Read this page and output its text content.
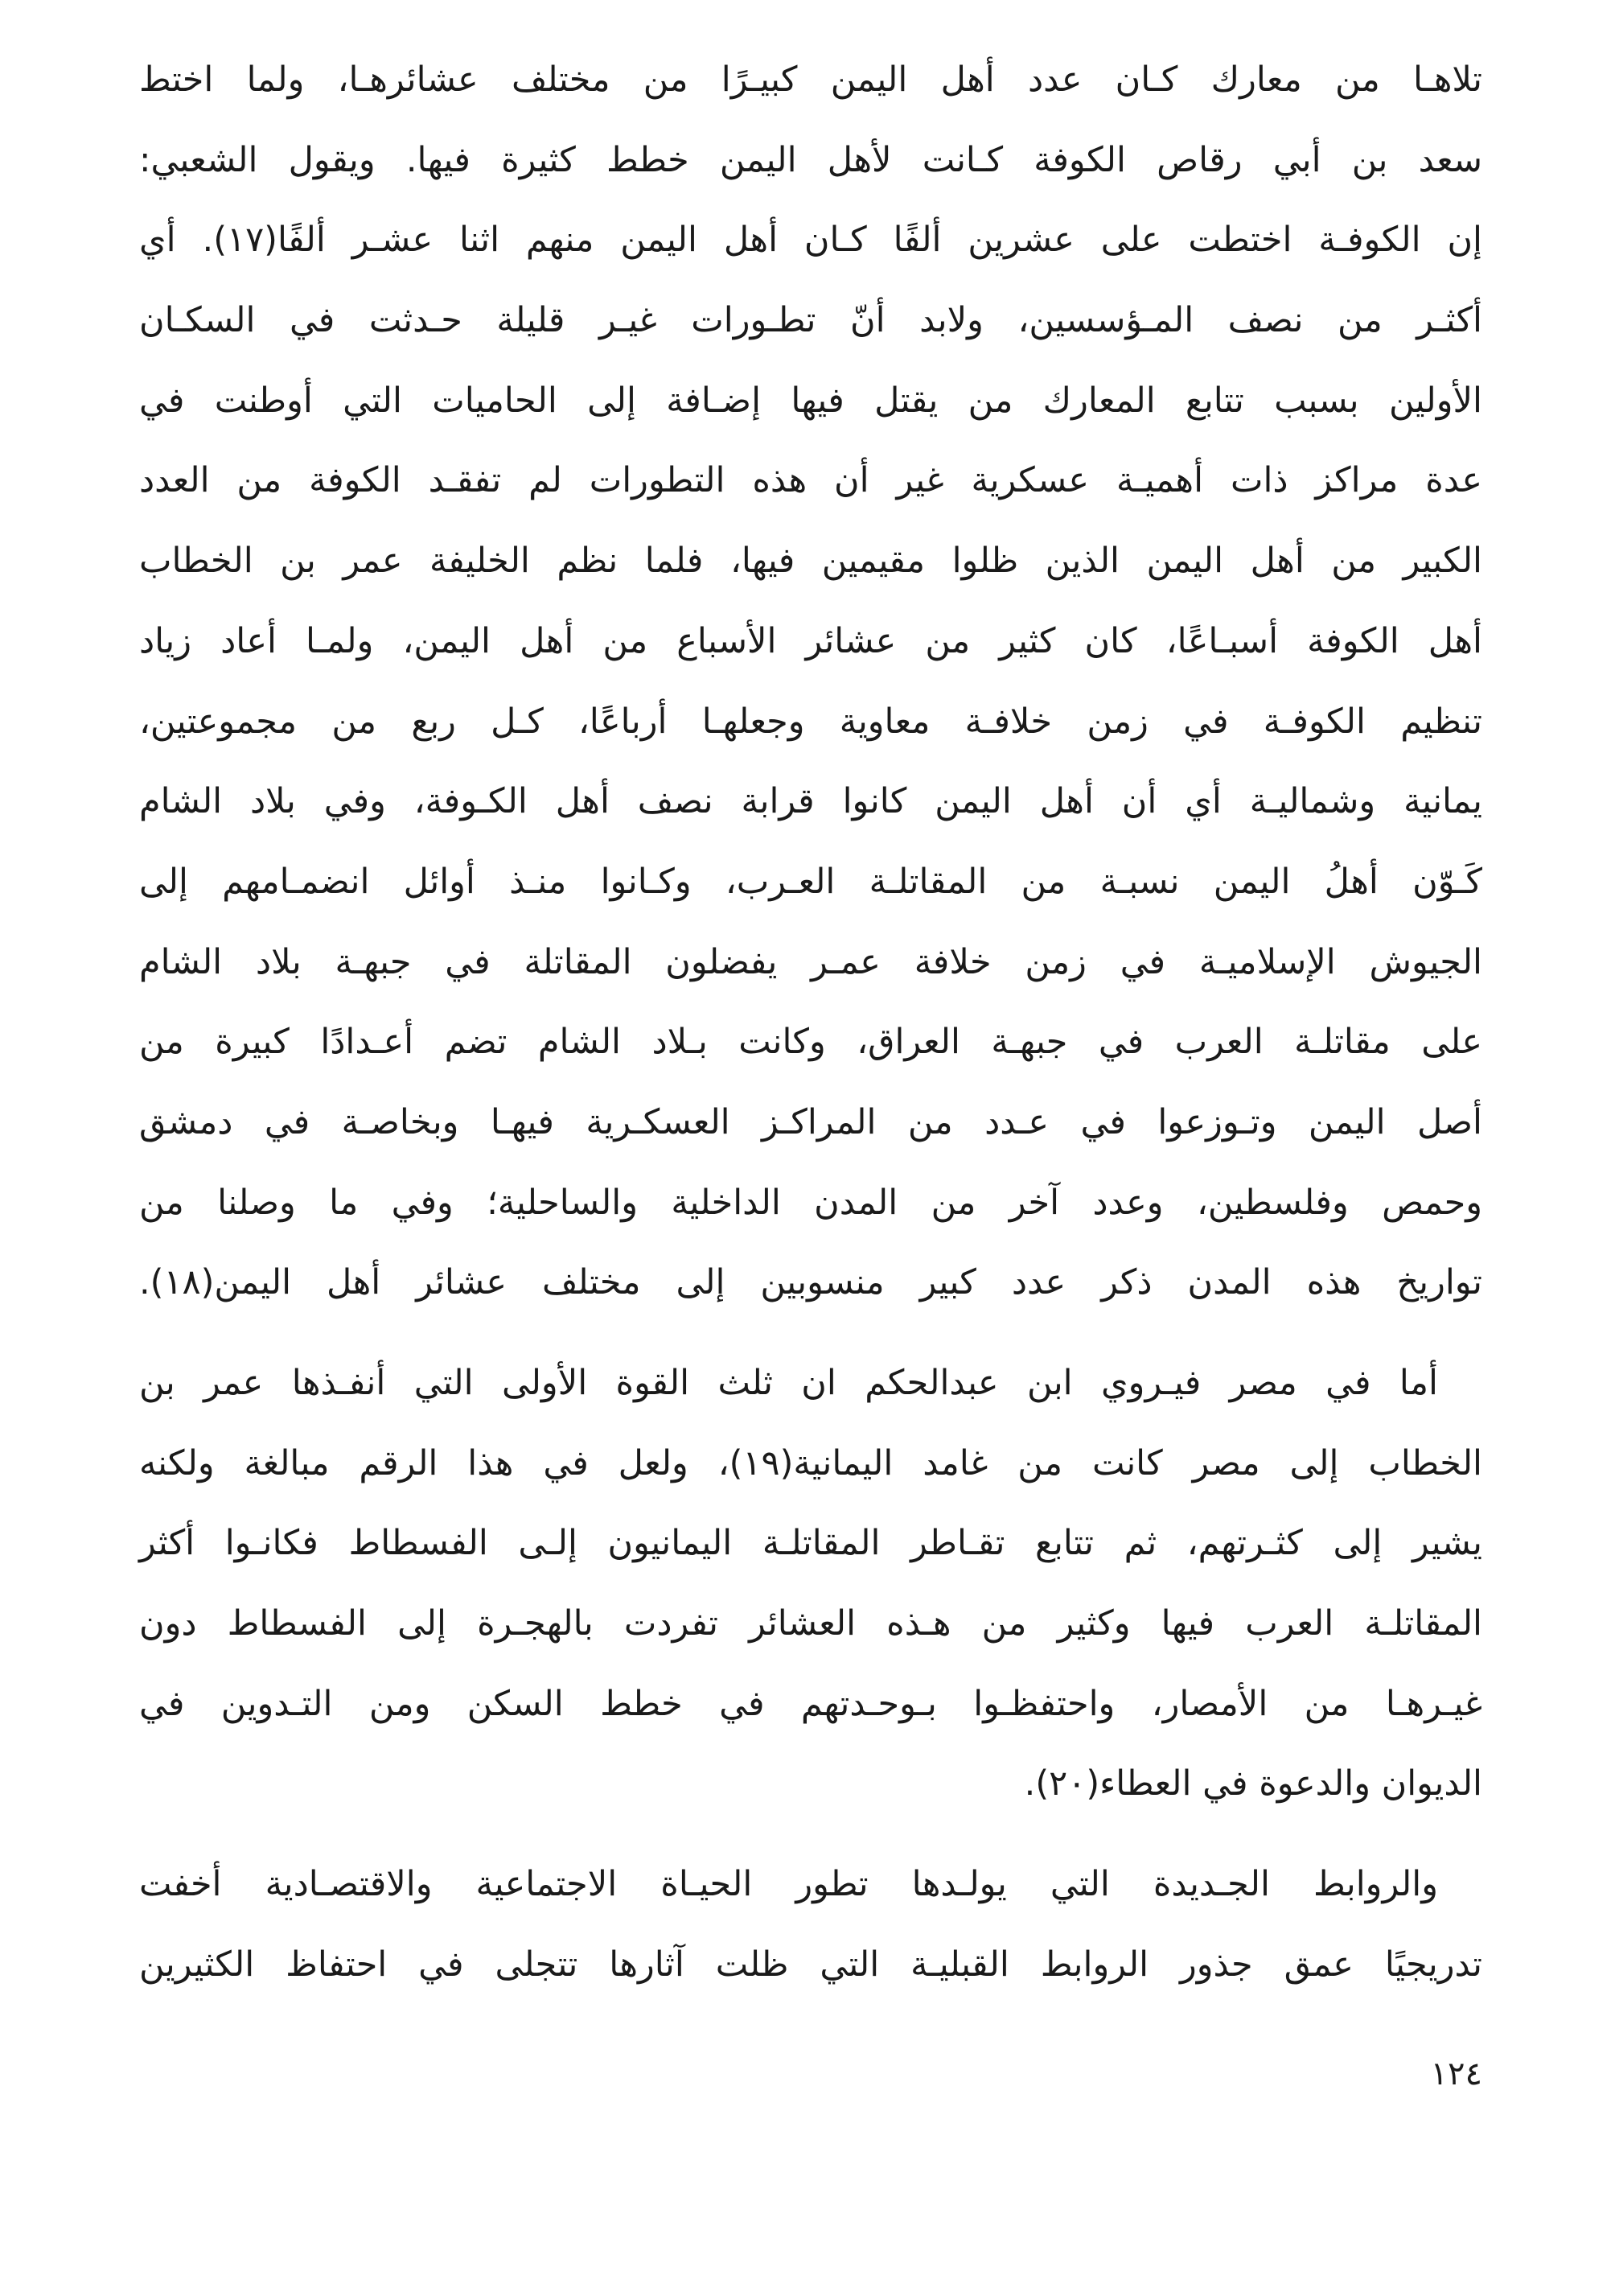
تلاهـا من معارك كـان عدد أهل اليمن كبيـرًا من مختلف عشائرهـا، ولما اختط
سعد بن أبي رقاص الكوفة كـانت لأهل اليمن خطط كثيرة فيها. ويقول الشعبي:
إن الكوفـة اختطت على عشرين ألفًا كـان أهل اليمن منهم اثنا عشـر ألفًا(١٧). أي
أكثـر من نصف المـؤسسين، ولابد أنّ تطـورات غيـر قليلة حـدثت في السكـان
الأولين بسبب تتابع المعارك من يقتل فيها إضـافة إلى الحاميات التي أوطنت في
عدة مراكز ذات أهميـة عسكرية غير أن هذه التطورات لم تفقـد الكوفة من العدد
الكبير من أهل اليمن الذين ظلوا مقيمين فيها، فلما نظم الخليفة عمر بن الخطاب
أهل الكوفة أسبـاعًا، كان كثير من عشائر الأسباع من أهل اليمن، ولمـا أعاد زياد
تنظيم الكوفـة في زمن خلافـة معاوية وجعلهـا أرباعًا، كـل ربع من مجموعتين،
يمانية وشماليـة أي أن أهل اليمن كانوا قرابة نصف أهل الكـوفة، وفي بلاد الشام
كَـوّن أهلُ اليمن نسبـة من المقاتلـة العـرب، وكـانوا منـذ أوائل انضمـامهم إلى
الجيوش الإسلاميـة في زمن خلافة عمـر يفضلون المقاتلة في جبهـة بلاد الشام
على مقاتلـة العرب في جبهـة العراق، وكانت بـلاد الشام تضم أعـدادًا كبيرة من
أصل اليمن وتـوزعوا في عـدد من المراكـز العسكـرية فيهـا وبخاصـة في دمشق
وحمص وفلسطين، وعدد آخر من المدن الداخلية والساحلية؛ وفي ما وصلنا من
تواريخ هذه المدن ذكر عدد كبير منسوبين إلى مختلف عشائر أهل اليمن(١٨).
أما في مصر فيـروي ابن عبدالحكم ان ثلث القوة الأولى التي أنفـذها عمر بن
الخطاب إلى مصر كانت من غامد اليمانية(١٩)، ولعل في هذا الرقم مبالغة ولكنه
يشير إلى كثـرتهم، ثم تتابع تقـاطر المقاتلـة اليمانيون إلـى الفسطاط فكانـوا أكثر
المقاتلـة العرب فيها وكثير من هـذه العشائر تفردت بالهجـرة إلى الفسطاط دون
غيـرهـا من الأمصار، واحتفظـوا بـوحـدتهم في خطط السكن ومن التـدوين في
الديوان والدعوة في العطاء(٢٠).
والروابط الجـديدة التي يولـدها تطور الحيـاة الاجتماعية والاقتصـادية أخفت
تدريجيًا عمق جذور الروابط القبليـة التي ظلت آثارها تتجلى في احتفاظ الكثيرين
١٢٤
